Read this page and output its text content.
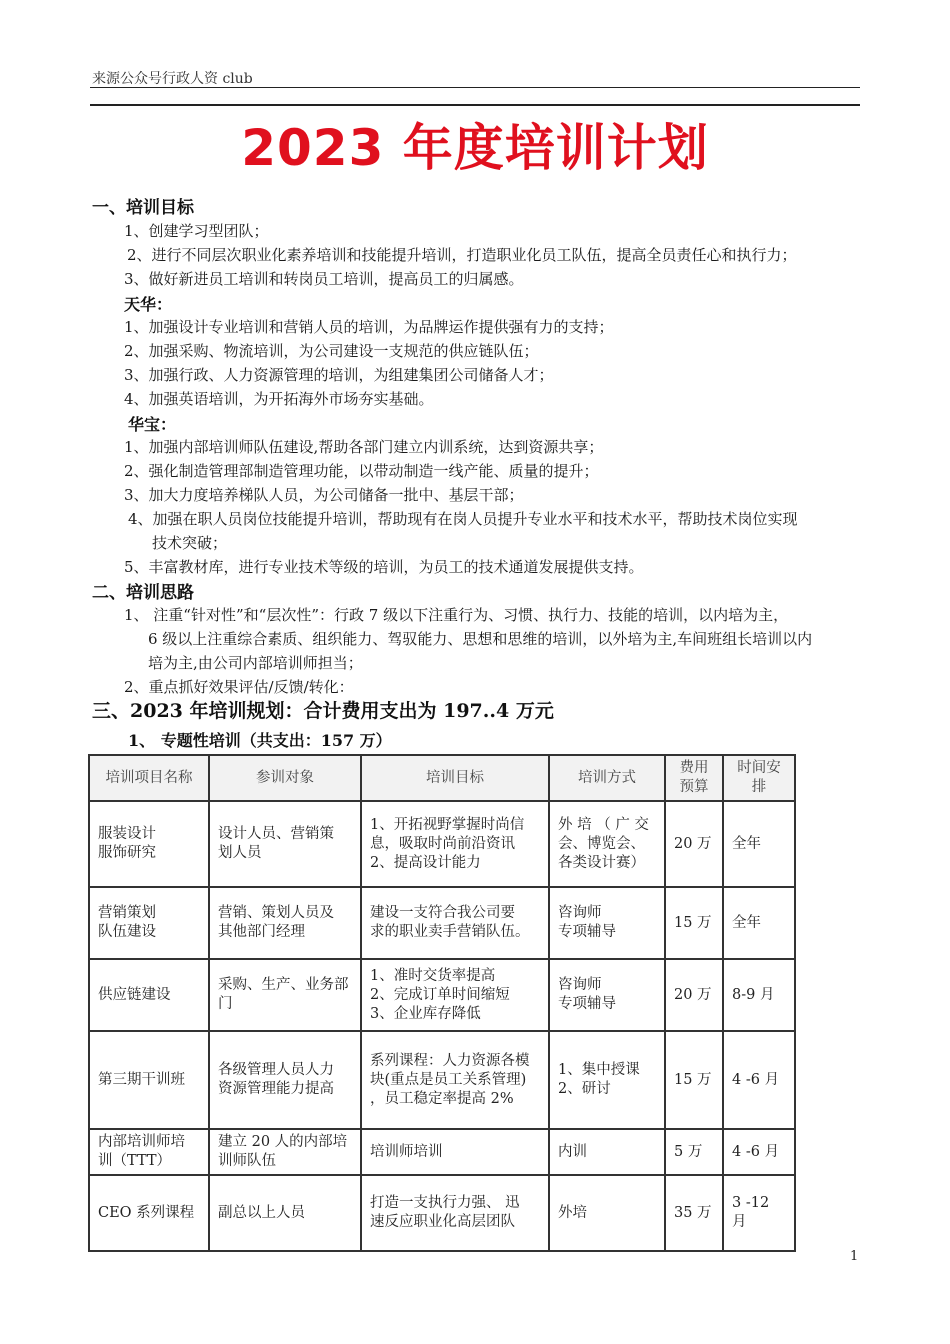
来源公众号行政人资 club
2023 年度培训计划
一、培训目标
1、创建学习型团队；
2、进行不同层次职业化素养培训和技能提升培训，打造职业化员工队伍，提高全员责任心和执行力；
3、做好新进员工培训和转岗员工培训，提高员工的归属感。
天华：
1、加强设计专业培训和营销人员的培训，为品牌运作提供强有力的支持；
2、加强采购、物流培训，为公司建设一支规范的供应链队伍；
3、加强行政、人力资源管理的培训，为组建集团公司储备人才；
4、加强英语培训，为开拓海外市场夯实基础。
华宝：
1、加强内部培训师队伍建设,帮助各部门建立内训系统，达到资源共享；
2、强化制造管理部制造管理功能，以带动制造一线产能、质量的提升；
3、加大力度培养梯队人员，为公司储备一批中、基层干部；
4、加强在职人员岗位技能提升培训，帮助现有在岗人员提升专业水平和技术水平，帮助技术岗位实现
技术突破；
5、丰富教材库，进行专业技术等级的培训，为员工的技术通道发展提供支持。
二、培训思路
1、 注重“针对性”和“层次性”：行政 7 级以下注重行为、习惯、执行力、技能的培训，以内培为主，
6 级以上注重综合素质、组织能力、驾驭能力、思想和思维的培训，以外培为主,车间班组长培训以内
培为主,由公司内部培训师担当；
2、重点抓好效果评估/反馈/转化：
三、2023 年培训规划：合计费用支出为 197..4 万元
1、 专题性培训（共支出：157 万）
培训项目名称	参训对象	培训目标	培训方式	费用预算	时间安排

服装设计
服饰研究	设计人员、营销策
划人员	1、开拓视野掌握时尚信
息，吸取时尚前沿资讯
2、提高设计能力	外 培 （ 广 交
会、博览会、
各类设计赛）	20 万	全年

营销策划
队伍建设	营销、策划人员及
其他部门经理	建设一支符合我公司要
求的职业卖手营销队伍。	咨询师
专项辅导	15 万	全年

供应链建设	采购、生产、业务部
门	1、准时交货率提高
2、完成订单时间缩短
3、企业库存降低	咨询师
专项辅导	20 万	8-9 月

第三期干训班	各级管理人员人力
资源管理能力提高	系列课程：人力资源各模
块(重点是员工关系管理)
，员工稳定率提高 2%	1、集中授课
2、研讨	15 万	4 -6 月

内部培训师培
训（TTT）	建立 20 人的内部培
训师队伍	培训师培训	内训	5 万	4 -6 月

CEO 系列课程	副总以上人员	打造一支执行力强、 迅
速反应职业化高层团队	外培	35 万	3 -12 月
1
